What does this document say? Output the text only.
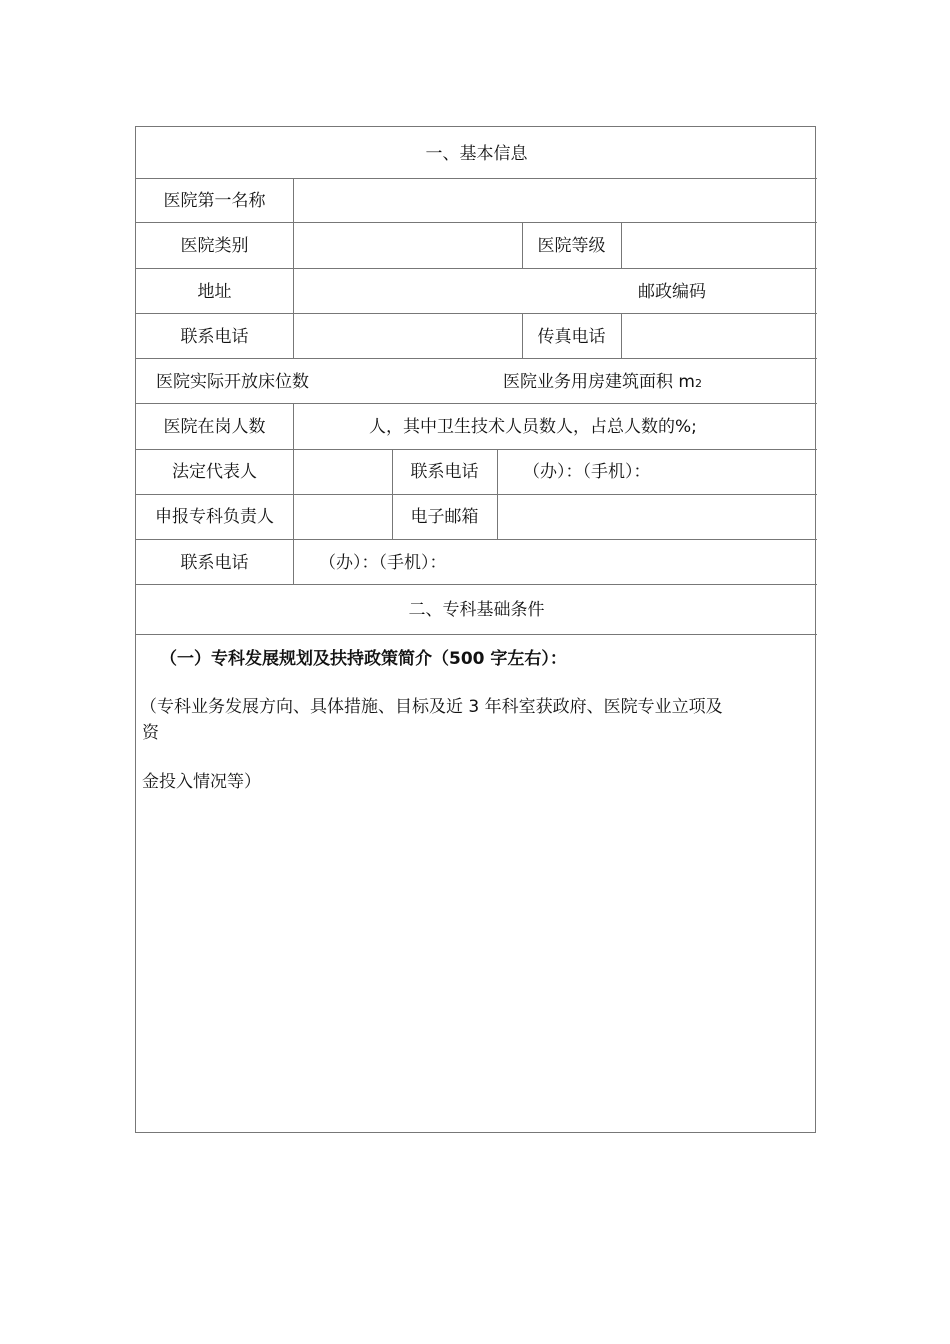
一、基本信息
医院第一名称
医院类别	医院等级
地址	邮政编码
联系电话	传真电话
医院实际开放床位数	医院业务用房建筑面积 m2
医院在岗人数	人，其中卫生技术人员数人，占总人数的%;
法定代表人	联系电话	（办）：（手机）：
申报专科负责人	电子邮箱
联系电话	（办）：（手机）：
二、专科基础条件
（一）专科发展规划及扶持政策简介（500 字左右）：
（专科业务发展方向、具体措施、目标及近 3 年科室获政府、医院专业立项及
资
金投入情况等）
